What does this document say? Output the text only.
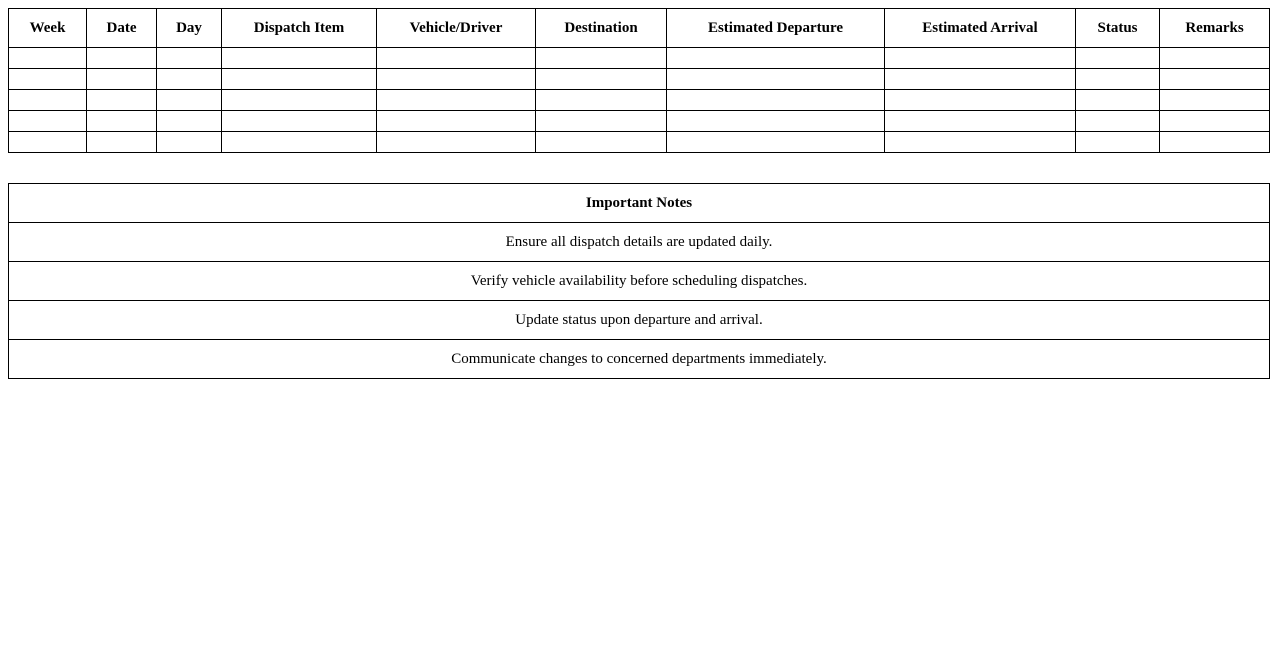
Week	Date	Day	Dispatch Item	Vehicle/Driver	Destination	Estimated Departure	Estimated Arrival	Status	Remarks

Important Notes
Ensure all dispatch details are updated daily.
Verify vehicle availability before scheduling dispatches.
Update status upon departure and arrival.
Communicate changes to concerned departments immediately.
